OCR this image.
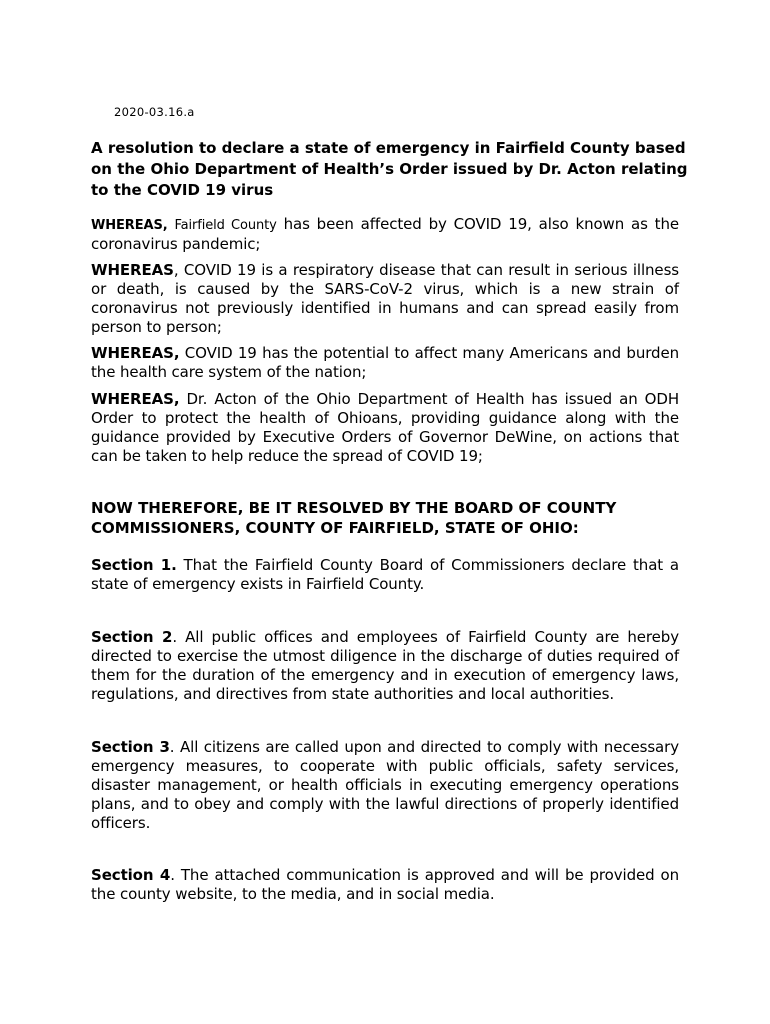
2020-03.16.a
A resolution to declare a state of emergency in Fairfield County based on the Ohio Department of Health’s Order issued by Dr. Acton relating to the COVID 19 virus

WHEREAS, Fairfield County has been affected by COVID 19, also known as the coronavirus pandemic;

WHEREAS, COVID 19 is a respiratory disease that can result in serious illness or death, is caused by the SARS-CoV-2 virus, which is a new strain of coronavirus not previously identified in humans and can spread easily from person to person;

WHEREAS, COVID 19 has the potential to affect many Americans and burden the health care system of the nation;

WHEREAS, Dr. Acton of the Ohio Department of Health has issued an ODH Order to protect the health of Ohioans, providing guidance along with the guidance provided by Executive Orders of Governor DeWine, on actions that can be taken to help reduce the spread of COVID 19;

NOW THEREFORE, BE IT RESOLVED BY THE BOARD OF COUNTY COMMISSIONERS, COUNTY OF FAIRFIELD, STATE OF OHIO:

Section 1. That the Fairfield County Board of Commissioners declare that a state of emergency exists in Fairfield County.

Section 2. All public offices and employees of Fairfield County are hereby directed to exercise the utmost diligence in the discharge of duties required of them for the duration of the emergency and in execution of emergency laws, regulations, and directives from state authorities and local authorities.

Section 3. All citizens are called upon and directed to comply with necessary emergency measures, to cooperate with public officials, safety services, disaster management, or health officials in executing emergency operations plans, and to obey and comply with the lawful directions of properly identified officers.

Section 4. The attached communication is approved and will be provided on the county website, to the media, and in social media.
